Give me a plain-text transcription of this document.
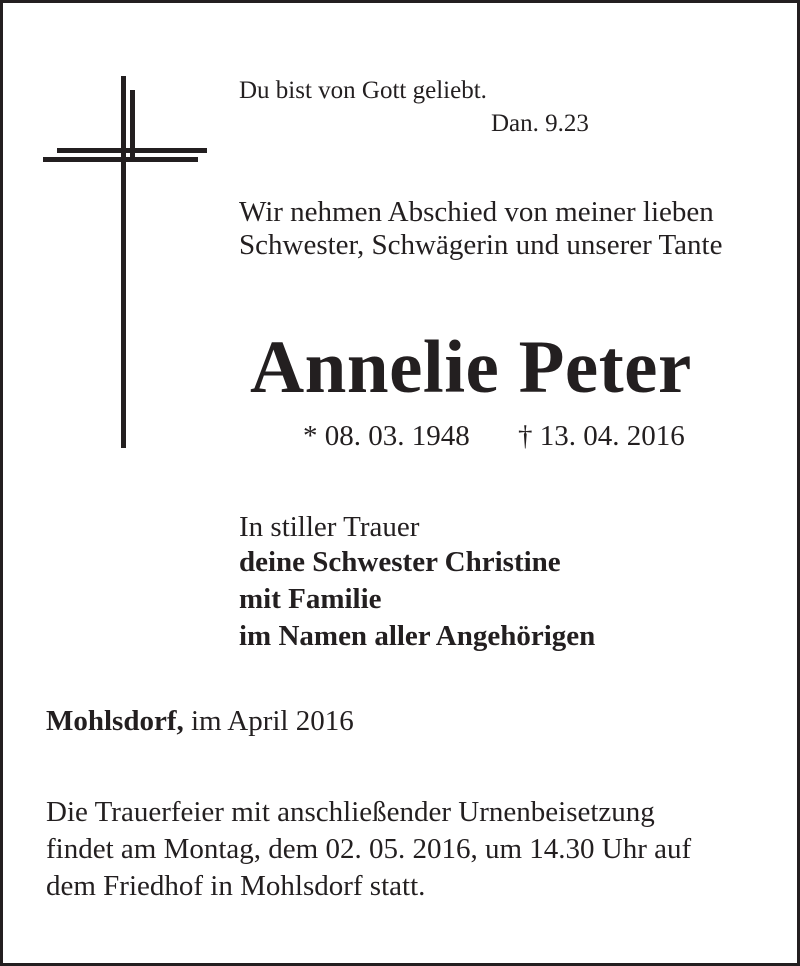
Du bist von Gott geliebt.
Dan. 9.23
Wir nehmen Abschied von meiner lieben
Schwester, Schwägerin und unserer Tante
Annelie Peter
* 08. 03. 1948 † 13. 04. 2016
In stiller Trauer
deine Schwester Christine
mit Familie
im Namen aller Angehörigen
Mohlsdorf, im April 2016
Die Trauerfeier mit anschließender Urnenbeisetzung
findet am Montag, dem 02. 05. 2016, um 14.30 Uhr auf
dem Friedhof in Mohlsdorf statt.
